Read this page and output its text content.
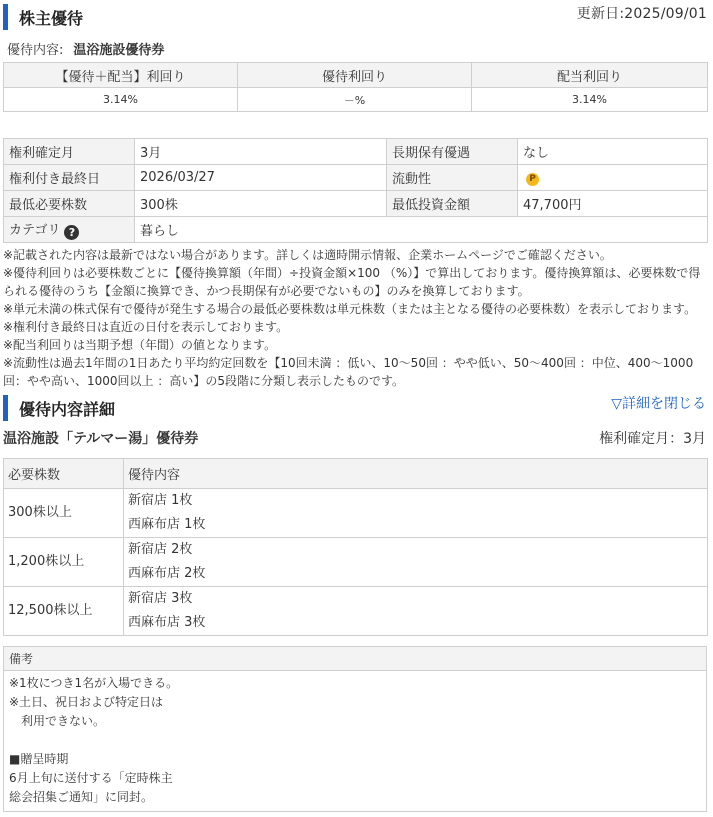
株主優待	更新日:2025/09/01
優待内容: 温浴施設優待券
【優待＋配当】利回り	優待利回り	配当利回り
3.14%	－%	3.14%
権利確定月	3月	長期保有優遇	なし
権利付き最終日	2026/03/27	流動性	P
最低必要株数	300株	最低投資金額	47,700円
カテゴリ ?	暮らし		
※記載された内容は最新ではない場合があります。詳しくは適時開示情報、企業ホームページでご確認ください。
※優待利回りは必要株数ごとに【優待換算額（年間）÷投資金額×100 （%）】で算出しております。優待換算額は、必要株数で得られる優待のうち【金額に換算でき、かつ長期保有が必要でないもの】のみを換算しております。
※単元未満の株式保有で優待が発生する場合の最低必要株数は単元株数（または主となる優待の必要株数）を表示しております。
※権利付き最終日は直近の日付を表示しております。
※配当利回りは当期予想（年間）の値となります。
※流動性は過去1年間の1日あたり平均約定回数を【10回未満 ：低い、10～50回 ：やや低い、50～400回 ：中位、400～1000回：やや高い、1000回以上 ：高い】の5段階に分類し表示したものです。
優待内容詳細	▽詳細を閉じる
温浴施設「テルマー湯」優待券	権利確定月：3月
必要株数	優待内容
300株以上	新宿店 1枚
西麻布店 1枚

1,200株以上	新宿店 2枚
西麻布店 2枚

12,500株以上	新宿店 3枚
西麻布店 3枚
備考
※1枚につき1名が入場できる。
※土日、祝日および特定日は
　利用できない。

■贈呈時期
6月上旬に送付する「定時株主
総会招集ご通知」に同封。
